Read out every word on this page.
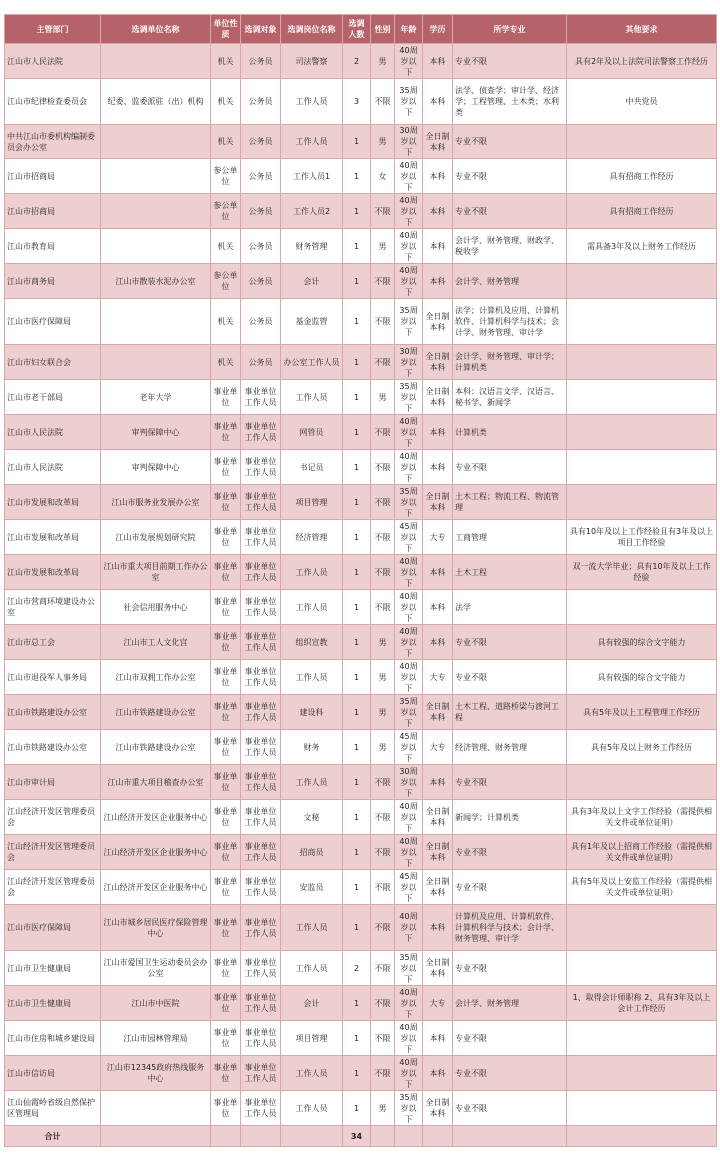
主管部门	选调单位名称	单位性质	选调对象	选调岗位名称	选调人数	性别	年龄	学历	所学专业	其他要求
江山市人民法院		机关	公务员	司法警察	2	男	40周岁以下	本科	专业不限	具有2年及以上法院司法警察工作经历
江山市纪律检查委员会	纪委、监委派驻（出）机构	机关	公务员	工作人员	3	不限	35周岁以下	本科	法学、侦查学；审计学、经济学；工程管理、土木类；水利类	中共党员
中共江山市委机构编制委员会办公室		机关	公务员	工作人员	1	男	30周岁以下	全日制本科	专业不限	
江山市招商局		参公单位	公务员	工作人员1	1	女	40周岁以下	本科	专业不限	具有招商工作经历
江山市招商局		参公单位	公务员	工作人员2	1	不限	40周岁以下	本科	专业不限	具有招商工作经历
江山市教育局		机关	公务员	财务管理	1	男	40周岁以下	本科	会计学、财务管理、财政学、税收学	需具备3年及以上财务工作经历
江山市商务局	江山市散装水泥办公室	参公单位	公务员	会计	1	不限	40周岁以下	本科	会计学、财务管理	
江山市医疗保障局		机关	公务员	基金监管	1	不限	35周岁以下	全日制本科	法学；计算机及应用、计算机软件、计算机科学与技术；会计学、财务管理、审计学	
江山市妇女联合会		机关	公务员	办公室工作人员	1	不限	30周岁以下	全日制本科	会计学、财务管理、审计学；计算机类	
江山市老干部局	老年大学	事业单位	事业单位工作人员	工作人员	1	男	35周岁以下	全日制本科	本科：汉语言文学、汉语言、秘书学、新闻学	
江山市人民法院	审判保障中心	事业单位	事业单位工作人员	网管员	1	不限	40周岁以下	本科	计算机类	
江山市人民法院	审判保障中心	事业单位	事业单位工作人员	书记员	1	不限	40周岁以下	本科	专业不限	
江山市发展和改革局	江山市服务业发展办公室	事业单位	事业单位工作人员	项目管理	1	不限	35周岁以下	全日制本科	土木工程；物流工程、物流管理	
江山市发展和改革局	江山市发展规划研究院	事业单位	事业单位工作人员	经济管理	1	不限	45周岁以下	大专	工商管理	具有10年及以上工作经验且有3年及以上项目工作经验
江山市发展和改革局	江山市重大项目前期工作办公室	事业单位	事业单位工作人员	工作人员	1	不限	40周岁以下	本科	土木工程	双一流大学毕业；具有10年及以上工作经验
江山市营商环境建设办公室	社会信用服务中心	事业单位	事业单位工作人员	工作人员	1	不限	40周岁以下	本科	法学	
江山市总工会	江山市工人文化宫	事业单位	事业单位工作人员	组织宣教	1	男	40周岁以下	本科	专业不限	具有较强的综合文字能力
江山市退役军人事务局	江山市双拥工作办公室	事业单位	事业单位工作人员	工作人员	1	男	40周岁以下	大专	专业不限	具有较强的综合文字能力
江山市铁路建设办公室	江山市铁路建设办公室	事业单位	事业单位工作人员	建设科	1	男	35周岁以下	全日制本科	土木工程、道路桥梁与渡河工程	具有5年及以上工程管理工作经历
江山市铁路建设办公室	江山市铁路建设办公室	事业单位	事业单位工作人员	财务	1	男	45周岁以下	大专	经济管理、财务管理	具有5年及以上财务工作经历
江山市审计局	江山市重大项目稽查办公室	事业单位	事业单位工作人员	工作人员	1	不限	30周岁以下	本科	专业不限	
江山经济开发区管理委员会	江山经济开发区企业服务中心	事业单位	事业单位工作人员	文秘	1	不限	40周岁以下	全日制本科	新闻学；计算机类	具有3年及以上文字工作经验（需提供相关文件或单位证明）
江山经济开发区管理委员会	江山经济开发区企业服务中心	事业单位	事业单位工作人员	招商员	1	不限	40周岁以下	全日制本科	专业不限	具有1年及以上招商工作经验（需提供相关文件或单位证明）
江山经济开发区管理委员会	江山经济开发区企业服务中心	事业单位	事业单位工作人员	安监员	1	不限	45周岁以下	全日制本科	专业不限	具有5年及以上安监工作经验（需提供相关文件或单位证明）
江山市医疗保障局	江山市城乡居民医疗保险管理中心	事业单位	事业单位工作人员	工作人员	1	不限	40周岁以下	本科	计算机及应用、计算机软件、计算机科学与技术；会计学、财务管理、审计学	
江山市卫生健康局	江山市爱国卫生运动委员会办公室	事业单位	事业单位工作人员	工作人员	2	不限	35周岁以下	全日制本科	专业不限	
江山市卫生健康局	江山市中医院	事业单位	事业单位工作人员	会计	1	不限	40周岁以下	大专	会计学、财务管理	1、取得会计师职称 2、具有3年及以上会计工作经历
江山市住房和城乡建设局	江山市园林管理局	事业单位	事业单位工作人员	项目管理	1	不限	40周岁以下	本科	专业不限	
江山市信访局	江山市12345政府热线服务中心	事业单位	事业单位工作人员	工作人员	1	不限	40周岁以下	本科	专业不限	
江山仙霞岭省级自然保护区管理局		事业单位	事业单位工作人员	工作人员	1	男	35周岁以下	全日制本科	专业不限	
合计					34					
